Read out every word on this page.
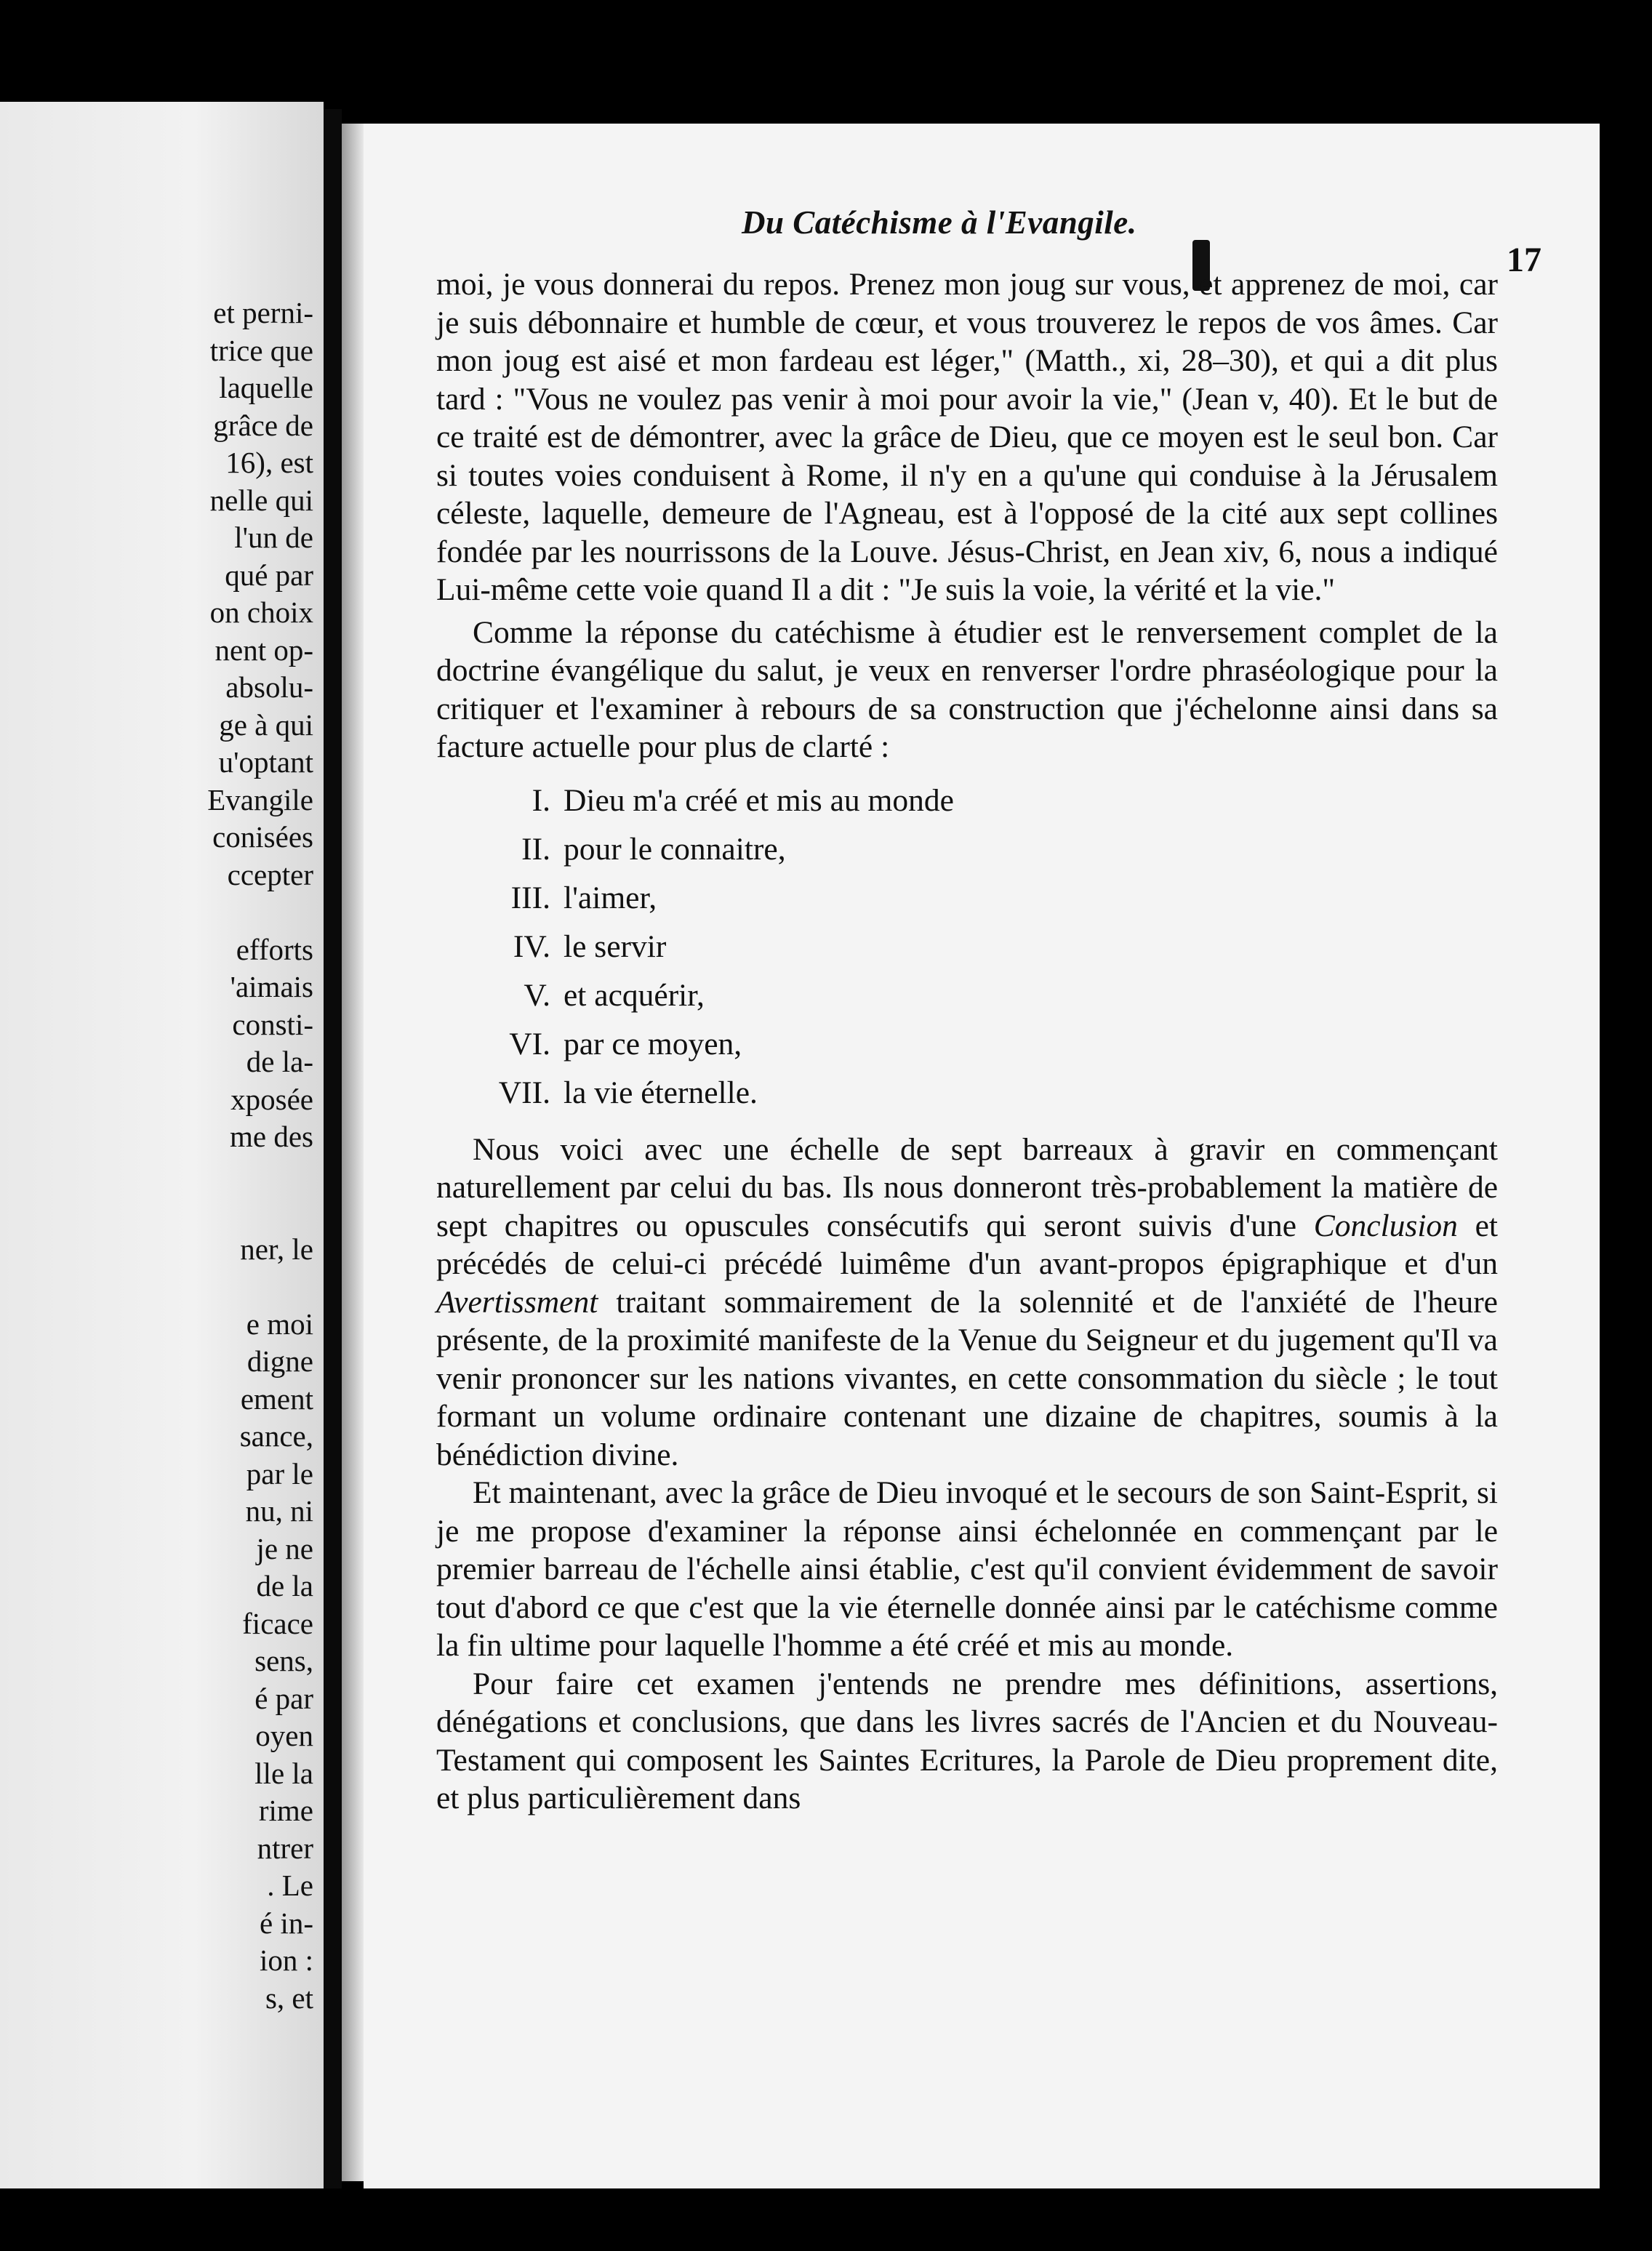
et perni-
trice que
laquelle
grâce de
16), est
nelle qui
l'un de
qué par
on choix
nent op-
absolu-
ge à qui
u'optant
Evangile
conisées
ccepter
efforts
'aimais
consti-
de la-
xposée
me des
ner, le
e moi
digne
ement
sance,
par le
nu, ni
je ne
de la
ficace
sens,
é par
oyen
lle la
rime
ntrer
. Le
é in-
ion :
s, et
Du Catéchisme à l'Evangile.
17

moi, je vous donnerai du repos. Prenez mon joug sur vous, et apprenez de moi, car je suis débonnaire et humble de cœur, et vous trouverez le repos de vos âmes. Car mon joug est aisé et mon fardeau est léger," (Matth., xi, 28–30), et qui a dit plus tard : "Vous ne voulez pas venir à moi pour avoir la vie," (Jean v, 40). Et le but de ce traité est de démontrer, avec la grâce de Dieu, que ce moyen est le seul bon. Car si toutes voies conduisent à Rome, il n'y en a qu'une qui conduise à la Jérusalem céleste, laquelle, demeure de l'Agneau, est à l'opposé de la cité aux sept collines fondée par les nourrissons de la Louve. Jésus-Christ, en Jean xiv, 6, nous a indiqué Lui-même cette voie quand Il a dit : "Je suis la voie, la vérité et la vie."

Comme la réponse du catéchisme à étudier est le renversement complet de la doctrine évangélique du salut, je veux en renverser l'ordre phraséologique pour la critiquer et l'examiner à rebours de sa construction que j'échelonne ainsi dans sa facture actuelle pour plus de clarté :

I. Dieu m'a créé et mis au monde
II. pour le connaitre,
III. l'aimer,
IV. le servir
V. et acquérir,
VI. par ce moyen,
VII. la vie éternelle.

Nous voici avec une échelle de sept barreaux à gravir en commençant naturellement par celui du bas. Ils nous donneront très-probablement la matière de sept chapitres ou opuscules consécutifs qui seront suivis d'une Conclusion et précédés de celui-ci précédé luimême d'un avant-propos épigraphique et d'un Avertissment traitant sommairement de la solennité et de l'anxiété de l'heure présente, de la proximité manifeste de la Venue du Seigneur et du jugement qu'Il va venir prononcer sur les nations vivantes, en cette consommation du siècle ; le tout formant un volume ordinaire contenant une dizaine de chapitres, soumis à la bénédiction divine.

Et maintenant, avec la grâce de Dieu invoqué et le secours de son Saint-Esprit, si je me propose d'examiner la réponse ainsi échelonnée en commençant par le premier barreau de l'échelle ainsi établie, c'est qu'il convient évidemment de savoir tout d'abord ce que c'est que la vie éternelle donnée ainsi par le catéchisme comme la fin ultime pour laquelle l'homme a été créé et mis au monde.

Pour faire cet examen j'entends ne prendre mes définitions, assertions, dénégations et conclusions, que dans les livres sacrés de l'Ancien et du Nouveau-Testament qui composent les Saintes Ecritures, la Parole de Dieu proprement dite, et plus particulièrement dans
